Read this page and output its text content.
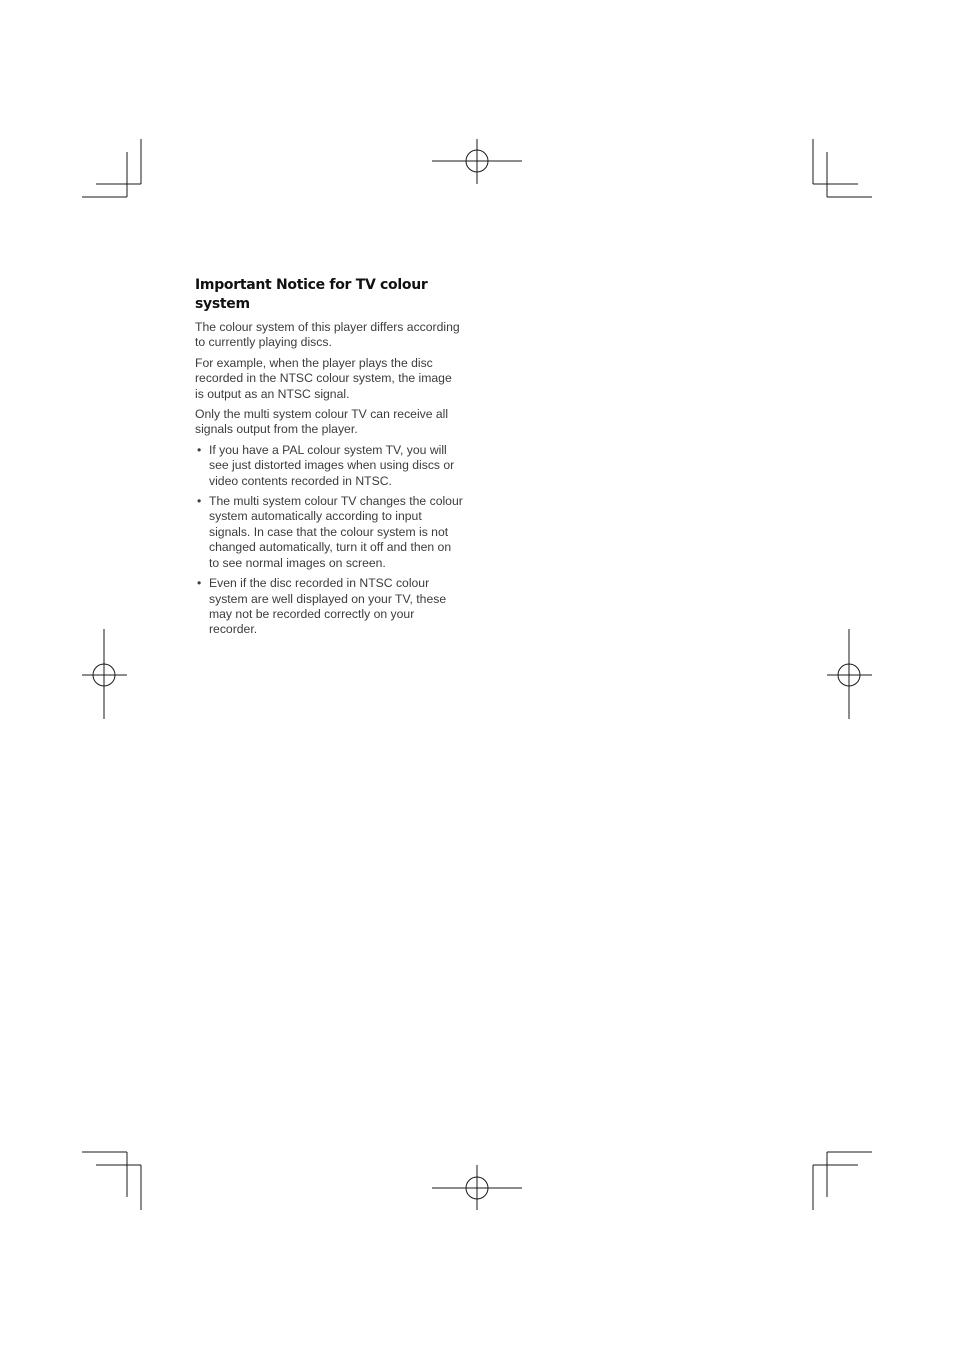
Important Notice for TV colour system

The colour system of this player differs according to currently playing discs.

For example, when the player plays the disc recorded in the NTSC colour system, the image is output as an NTSC signal.

Only the multi system colour TV can receive all signals output from the player.

• If you have a PAL colour system TV, you will see just distorted images when using discs or video contents recorded in NTSC.
• The multi system colour TV changes the colour system automatically according to input signals. In case that the colour system is not changed automatically, turn it off and then on to see normal images on screen.
• Even if the disc recorded in NTSC colour system are well displayed on your TV, these may not be recorded correctly on your recorder.
